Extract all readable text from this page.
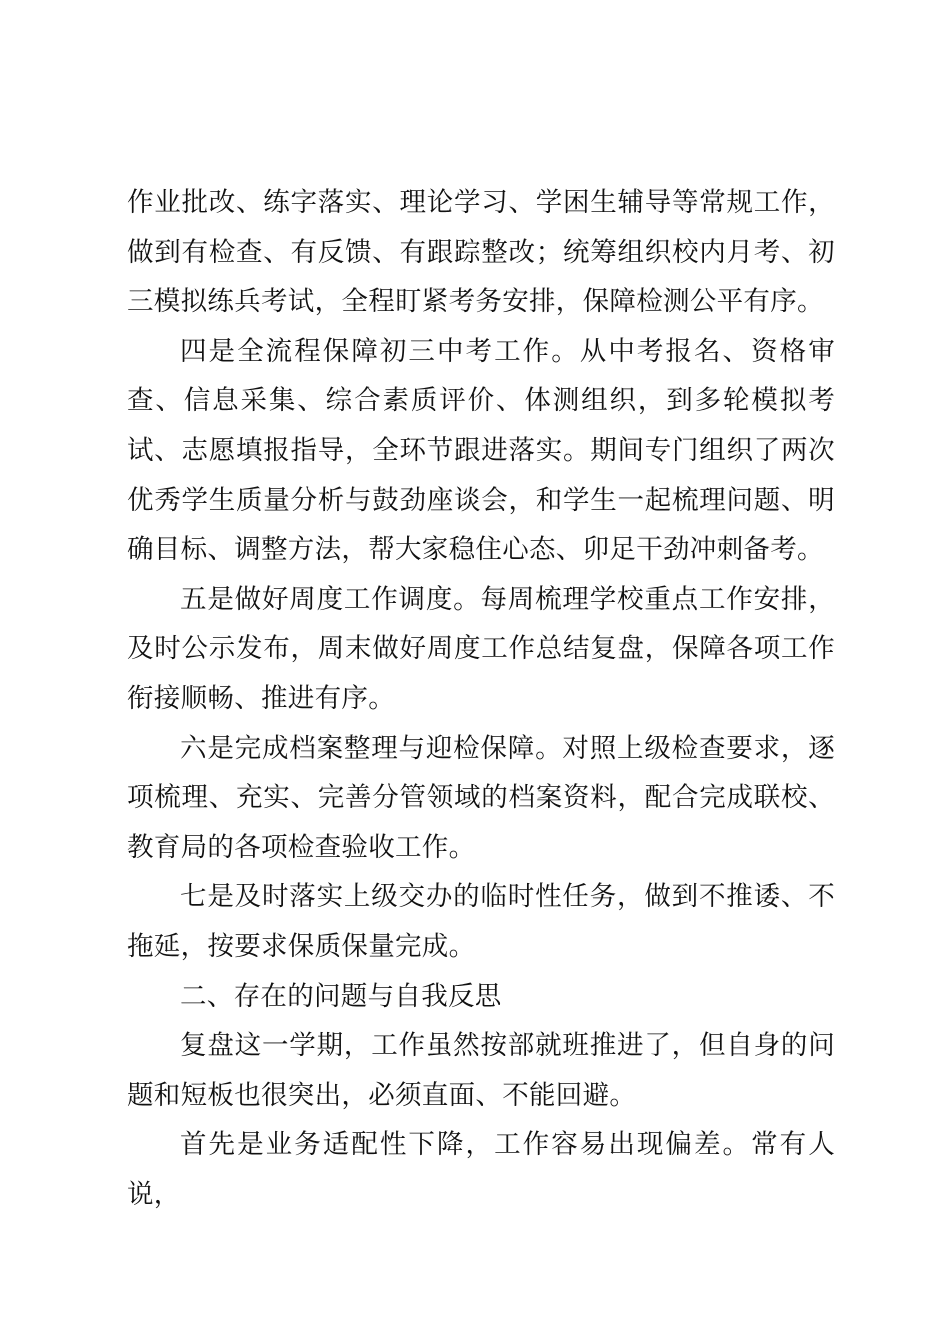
作业批改、练字落实、理论学习、学困生辅导等常规工作，做到有检查、有反馈、有跟踪整改；统筹组织校内月考、初三模拟练兵考试，全程盯紧考务安排，保障检测公平有序。

四是全流程保障初三中考工作。从中考报名、资格审查、信息采集、综合素质评价、体测组织，到多轮模拟考试、志愿填报指导，全环节跟进落实。期间专门组织了两次优秀学生质量分析与鼓劲座谈会，和学生一起梳理问题、明确目标、调整方法，帮大家稳住心态、卯足干劲冲刺备考。

五是做好周度工作调度。每周梳理学校重点工作安排，及时公示发布，周末做好周度工作总结复盘，保障各项工作衔接顺畅、推进有序。

六是完成档案整理与迎检保障。对照上级检查要求，逐项梳理、充实、完善分管领域的档案资料，配合完成联校、教育局的各项检查验收工作。

七是及时落实上级交办的临时性任务，做到不推诿、不拖延，按要求保质保量完成。

二、存在的问题与自我反思

复盘这一学期，工作虽然按部就班推进了，但自身的问题和短板也很突出，必须直面、不能回避。

首先是业务适配性下降，工作容易出现偏差。常有人说，
